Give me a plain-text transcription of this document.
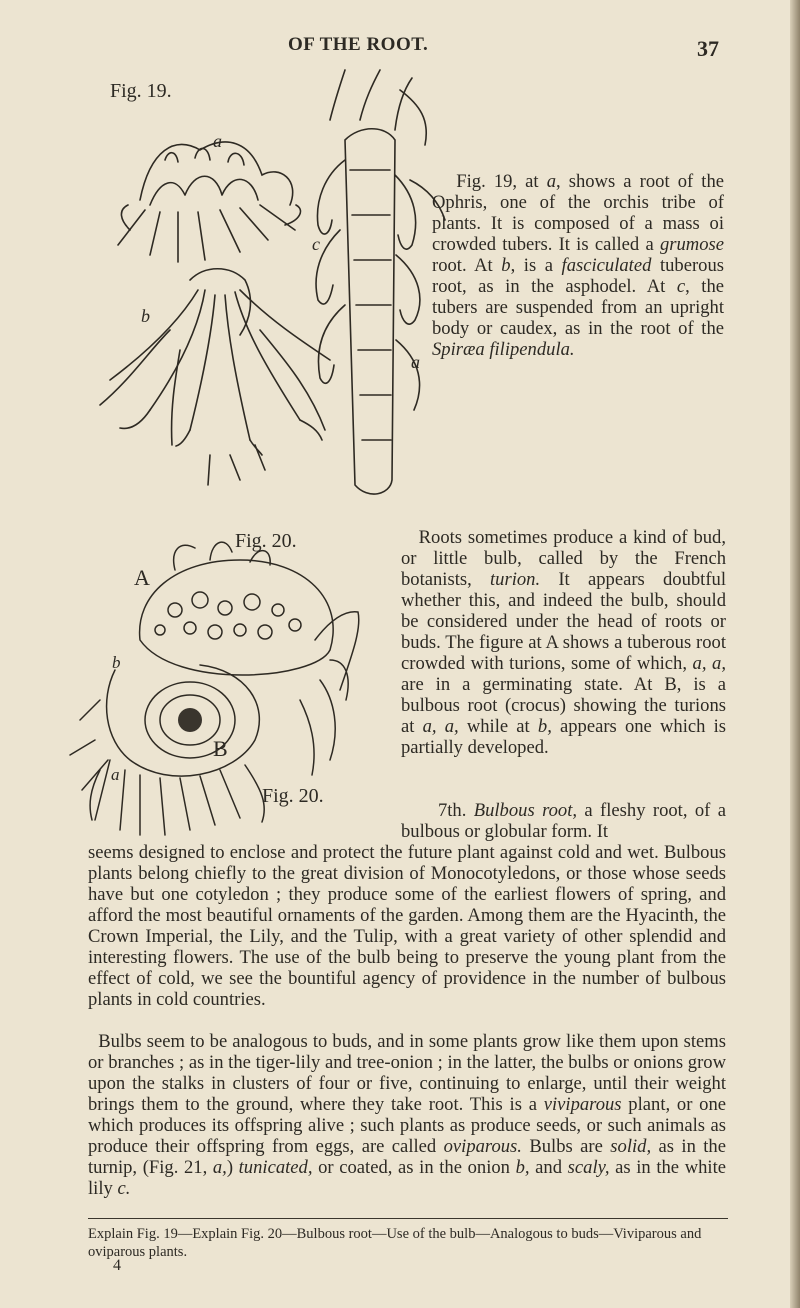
OF THE ROOT.	37
Fig. 19.
a
b
c
a

Fig. 19, at a, shows a root of the Ophris, one of the orchis tribe of plants. It is composed of a mass oi crowded tubers. It is called a grumose root. At b, is a fasciculated tuberous root, as in the asphodel. At c, the tubers are suspended from an upright body or caudex, as in the root of the Spiræa filipendula.

Fig. 20.
A
B
b
a
Fig. 20.

Roots sometimes produce a kind of bud, or little bulb, called by the French botanists, turion. It appears doubtful whether this, and indeed the bulb, should be considered under the head of roots or buds. The figure at A shows a tuberous root crowded with turions, some of which, a, a, are in a germinating state. At B, is a bulbous root (crocus) showing the turions at a, a, while at b, appears one which is partially developed.

7th. Bulbous root, a fleshy root, of a bulbous or globular form. It

seems designed to enclose and protect the future plant against cold and wet. Bulbous plants belong chiefly to the great division of Monocotyledons, or those whose seeds have but one cotyledon ; they produce some of the earliest flowers of spring, and afford the most beautiful ornaments of the garden. Among them are the Hyacinth, the Crown Imperial, the Lily, and the Tulip, with a great variety of other splendid and interesting flowers. The use of the bulb being to preserve the young plant from the effect of cold, we see the bountiful agency of providence in the number of bulbous plants in cold countries.

Bulbs seem to be analogous to buds, and in some plants grow like them upon stems or branches ; as in the tiger-lily and tree-onion ; in the latter, the bulbs or onions grow upon the stalks in clusters of four or five, continuing to enlarge, until their weight brings them to the ground, where they take root. This is a viviparous plant, or one which produces its offspring alive ; such plants as produce seeds, or such animals as produce their offspring from eggs, are called oviparous. Bulbs are solid, as in the turnip, (Fig. 21, a,) tunicated, or coated, as in the onion b, and scaly, as in the white lily c.

Explain Fig. 19—Explain Fig. 20—Bulbous root—Use of the bulb—Analogous to buds—Viviparous and oviparous plants.
4
